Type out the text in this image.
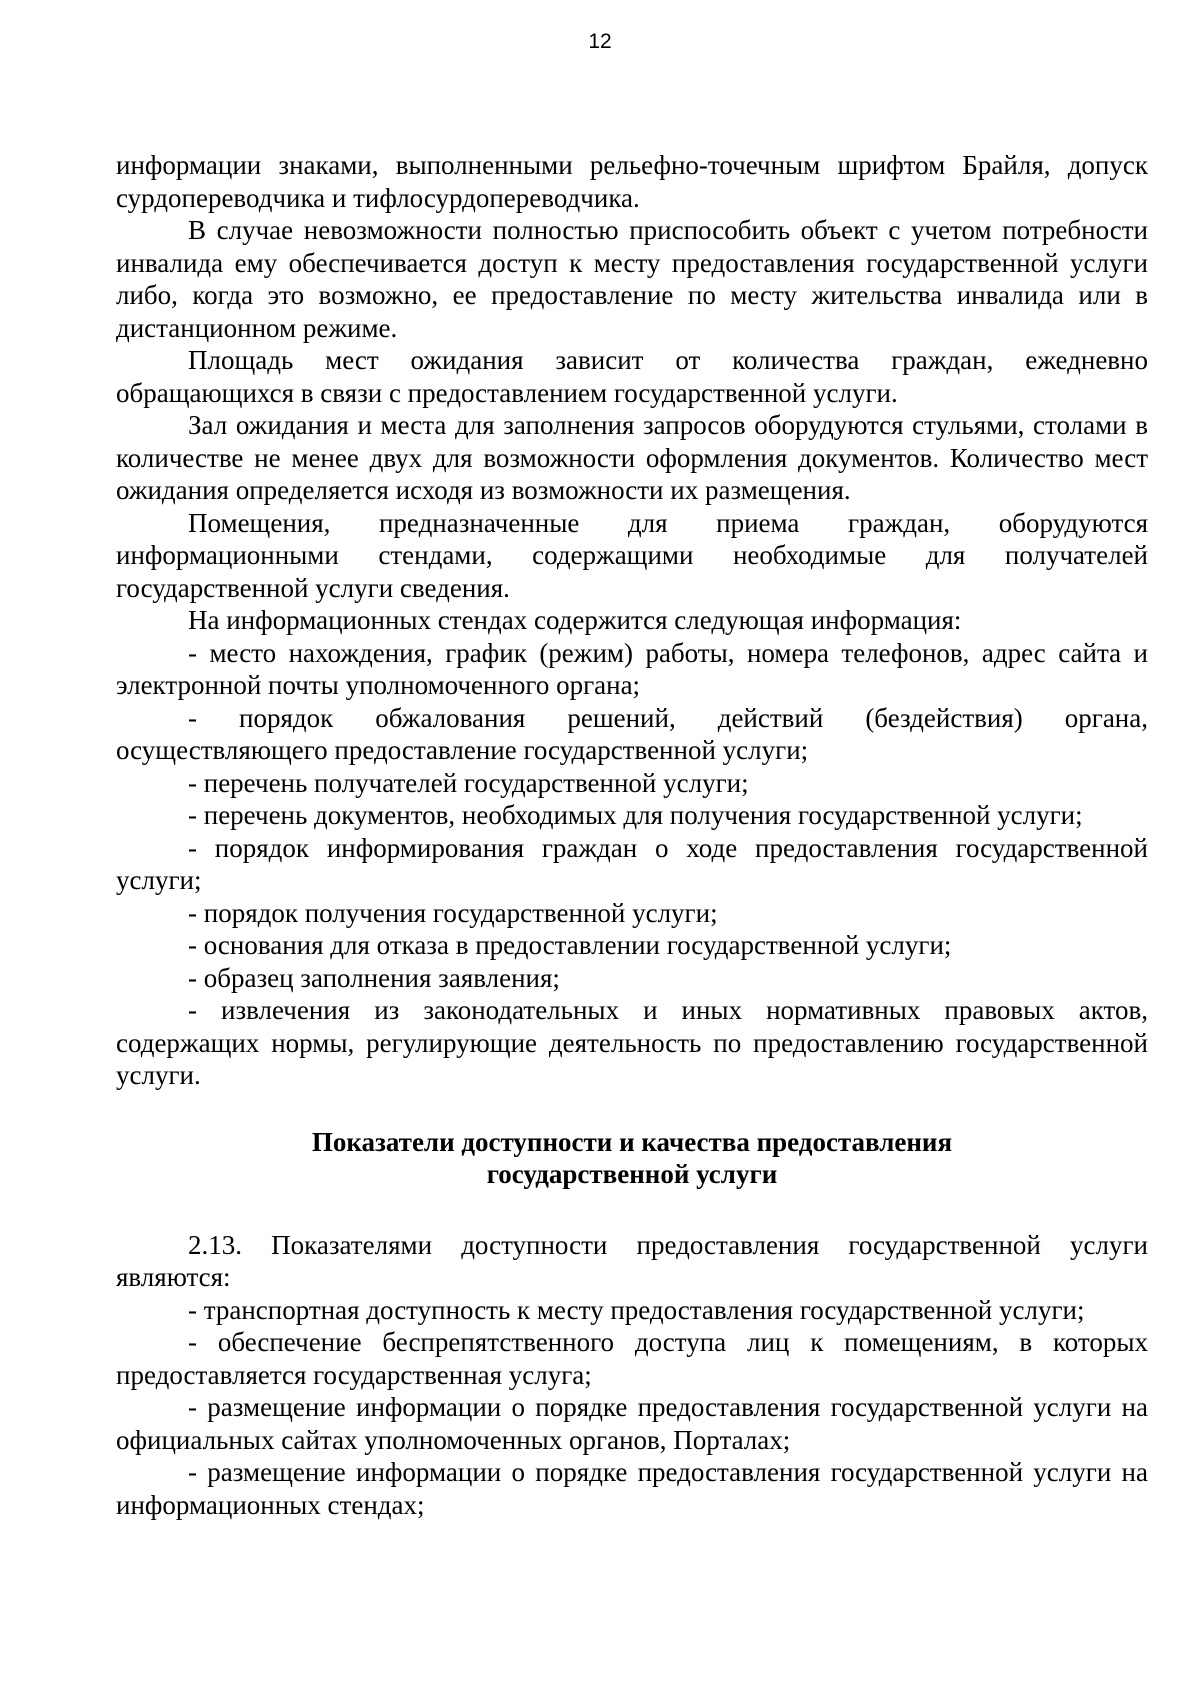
12

информации знаками, выполненными рельефно-точечным шрифтом Брайля, допуск сурдопереводчика и тифлосурдопереводчика.

В случае невозможности полностью приспособить объект с учетом потребности инвалида ему обеспечивается доступ к месту предоставления государственной услуги либо, когда это возможно, ее предоставление по месту жительства инвалида или в дистанционном режиме.

Площадь мест ожидания зависит от количества граждан, ежедневно обращающихся в связи с предоставлением государственной услуги.

Зал ожидания и места для заполнения запросов оборудуются стульями, столами в количестве не менее двух для возможности оформления документов. Количество мест ожидания определяется исходя из возможности их размещения.

Помещения, предназначенные для приема граждан, оборудуются информационными стендами, содержащими необходимые для получателей государственной услуги сведения.

На информационных стендах содержится следующая информация:

- место нахождения, график (режим) работы, номера телефонов, адрес сайта и электронной почты уполномоченного органа;

- порядок обжалования решений, действий (бездействия) органа, осуществляющего предоставление государственной услуги;

- перечень получателей государственной услуги;

- перечень документов, необходимых для получения государственной услуги;

- порядок информирования граждан о ходе предоставления государственной услуги;

- порядок получения государственной услуги;

- основания для отказа в предоставлении государственной услуги;

- образец заполнения заявления;

- извлечения из законодательных и иных нормативных правовых актов, содержащих нормы, регулирующие деятельность по предоставлению государственной услуги.

Показатели доступности и качества предоставления
государственной услуги

2.13. Показателями доступности предоставления государственной услуги являются:

- транспортная доступность к месту предоставления государственной услуги;

- обеспечение беспрепятственного доступа лиц к помещениям, в которых предоставляется государственная услуга;

- размещение информации о порядке предоставления государственной услуги на официальных сайтах уполномоченных органов, Порталах;

- размещение информации о порядке предоставления государственной услуги на информационных стендах;
